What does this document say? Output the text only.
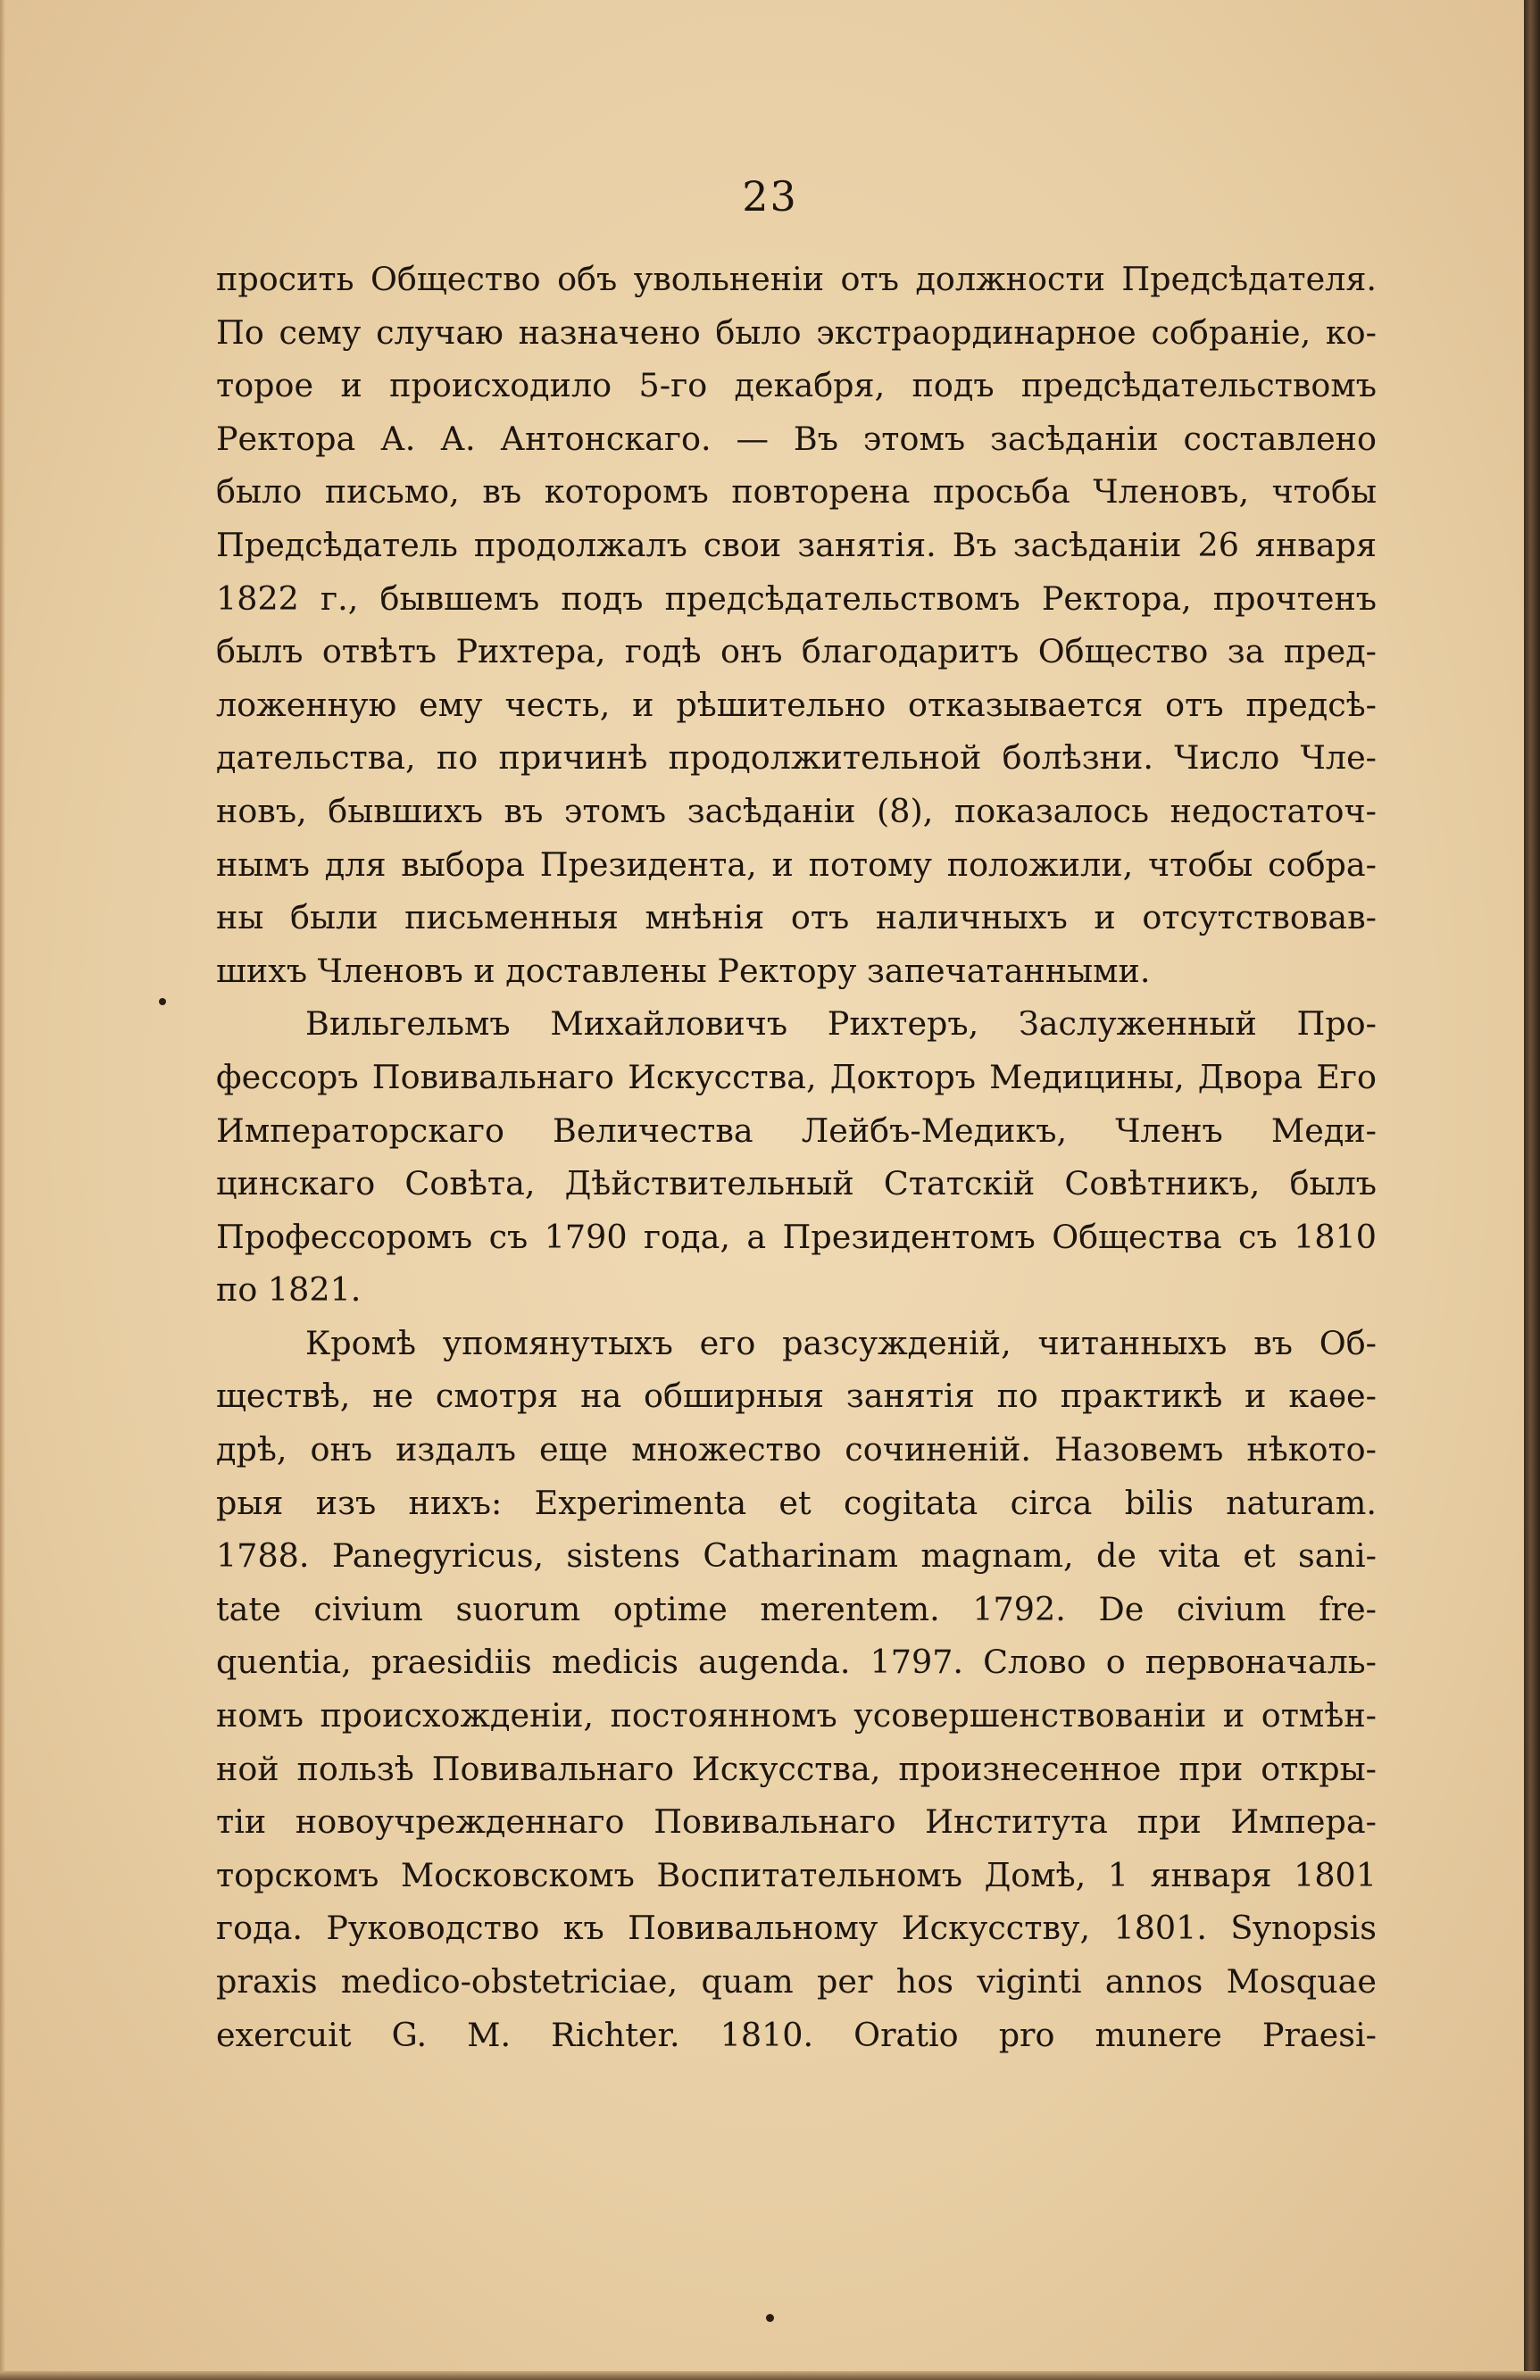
23
просить Общество объ увольненіи отъ должности Предсѣдателя.
По сему случаю назначено было экстраординарное собраніе, ко-
торое и происходило 5-го декабря, подъ предсѣдательствомъ
Ректора А. А. Антонскаго. — Въ этомъ засѣданіи составлено
было письмо, въ которомъ повторена просьба Членовъ, чтобы
Предсѣдатель продолжалъ свои занятія. Въ засѣданіи 26 января
1822 г., бывшемъ подъ предсѣдательствомъ Ректора, прочтенъ
былъ отвѣтъ Рихтера, годѣ онъ благодаритъ Общество за пред-
ложенную ему честь, и рѣшительно отказывается отъ предсѣ-
дательства, по причинѣ продолжительной болѣзни. Число Чле-
новъ, бывшихъ въ этомъ засѣданіи (8), показалось недостаточ-
нымъ для выбора Президента, и потому положили, чтобы собра-
ны были письменныя мнѣнія отъ наличныхъ и отсутствовав-
шихъ Членовъ и доставлены Ректору запечатанными.
Вильгельмъ Михайловичъ Рихтеръ, Заслуженный Про-
фессоръ Повивальнаго Искусства, Докторъ Медицины, Двора Его
Императорскаго Величества Лейбъ-Медикъ, Членъ Меди-
цинскаго Совѣта, Дѣйствительный Статскій Совѣтникъ, былъ
Профессоромъ съ 1790 года, а Президентомъ Общества съ 1810
по 1821.
Кромѣ упомянутыхъ его разсужденій, читанныхъ въ Об-
ществѣ, не смотря на обширныя занятія по практикѣ и каѳе-
дрѣ, онъ издалъ еще множество сочиненій. Назовемъ нѣкото-
рыя изъ нихъ: Experimenta et cogitata circa bilis naturam.
1788. Panegyricus, sistens Catharinam magnam, de vita et sani-
tate civium suorum optime merentem. 1792. De civium fre-
quentia, praesidiis medicis augenda. 1797. Слово о первоначаль-
номъ происхожденіи, постоянномъ усовершенствованіи и отмѣн-
ной пользѣ Повивальнаго Искусства, произнесенное при откры-
тіи новоучрежденнаго Повивальнаго Института при Импера-
торскомъ Московскомъ Воспитательномъ Домѣ, 1 января 1801
года. Руководство къ Повивальному Искусству, 1801. Synopsis
praxis medico-obstetriciae, quam per hos viginti annos Mosquae
exercuit G. M. Richter. 1810. Oratio pro munere Praesi-
